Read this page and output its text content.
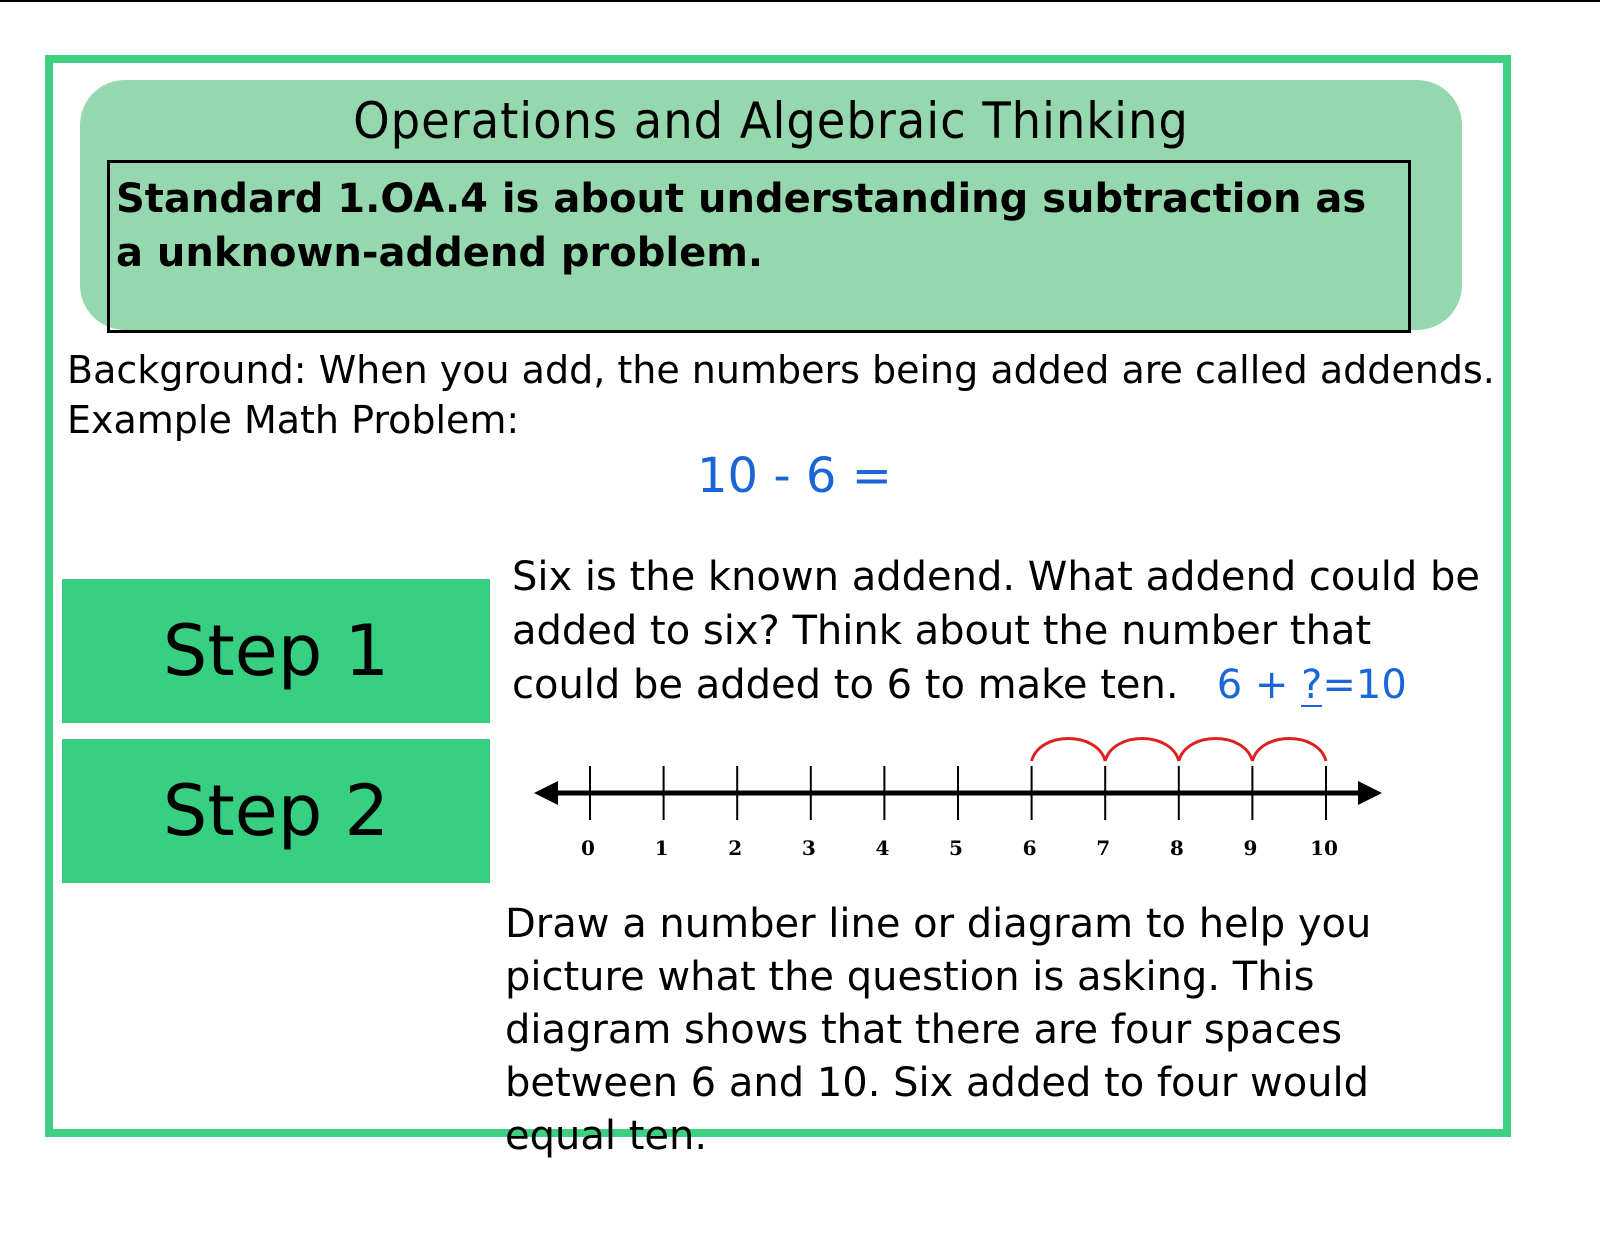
Operations and Algebraic Thinking
Standard 1.OA.4 is about understanding subtraction as a unknown-addend problem.
Background: When you add, the numbers being added are called addends.
Example Math Problem:
10 - 6 =
Step 1
Step 2
Six is the known addend. What addend could be added to six? Think about the number that could be added to 6 to make ten. 6 + ?=10
0	1	2	3	4	5	6	7	8	9	10
Draw a number line or diagram to help you picture what the question is asking. This diagram shows that there are four spaces between 6 and 10. Six added to four would equal ten.
